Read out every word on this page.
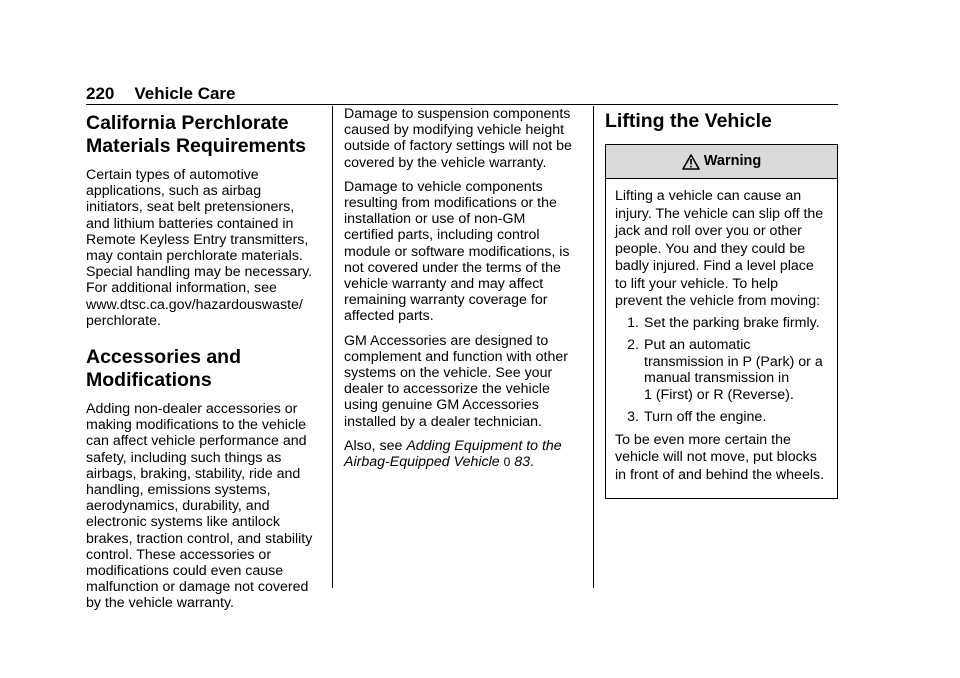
220 Vehicle Care
California Perchlorate
Materials Requirements

Certain types of automotive
applications, such as airbag
initiators, seat belt pretensioners,
and lithium batteries contained in
Remote Keyless Entry transmitters,
may contain perchlorate materials.
Special handling may be necessary.
For additional information, see
www.dtsc.ca.gov/hazardouswaste/
perchlorate.

Accessories and
Modifications

Adding non-dealer accessories or
making modifications to the vehicle
can affect vehicle performance and
safety, including such things as
airbags, braking, stability, ride and
handling, emissions systems,
aerodynamics, durability, and
electronic systems like antilock
brakes, traction control, and stability
control. These accessories or
modifications could even cause
malfunction or damage not covered
by the vehicle warranty.

Damage to suspension components
caused by modifying vehicle height
outside of factory settings will not be
covered by the vehicle warranty.

Damage to vehicle components
resulting from modifications or the
installation or use of non-GM
certified parts, including control
module or software modifications, is
not covered under the terms of the
vehicle warranty and may affect
remaining warranty coverage for
affected parts.

GM Accessories are designed to
complement and function with other
systems on the vehicle. See your
dealer to accessorize the vehicle
using genuine GM Accessories
installed by a dealer technician.

Also, see Adding Equipment to the
Airbag-Equipped Vehicle 0 83.

Lifting the Vehicle
Warning

Lifting a vehicle can cause an
injury. The vehicle can slip off the
jack and roll over you or other
people. You and they could be
badly injured. Find a level place
to lift your vehicle. To help
prevent the vehicle from moving:

1. Set the parking brake firmly.
2. Put an automatic
transmission in P (Park) or a
manual transmission in
1 (First) or R (Reverse).
3. Turn off the engine.

To be even more certain the
vehicle will not move, put blocks
in front of and behind the wheels.
